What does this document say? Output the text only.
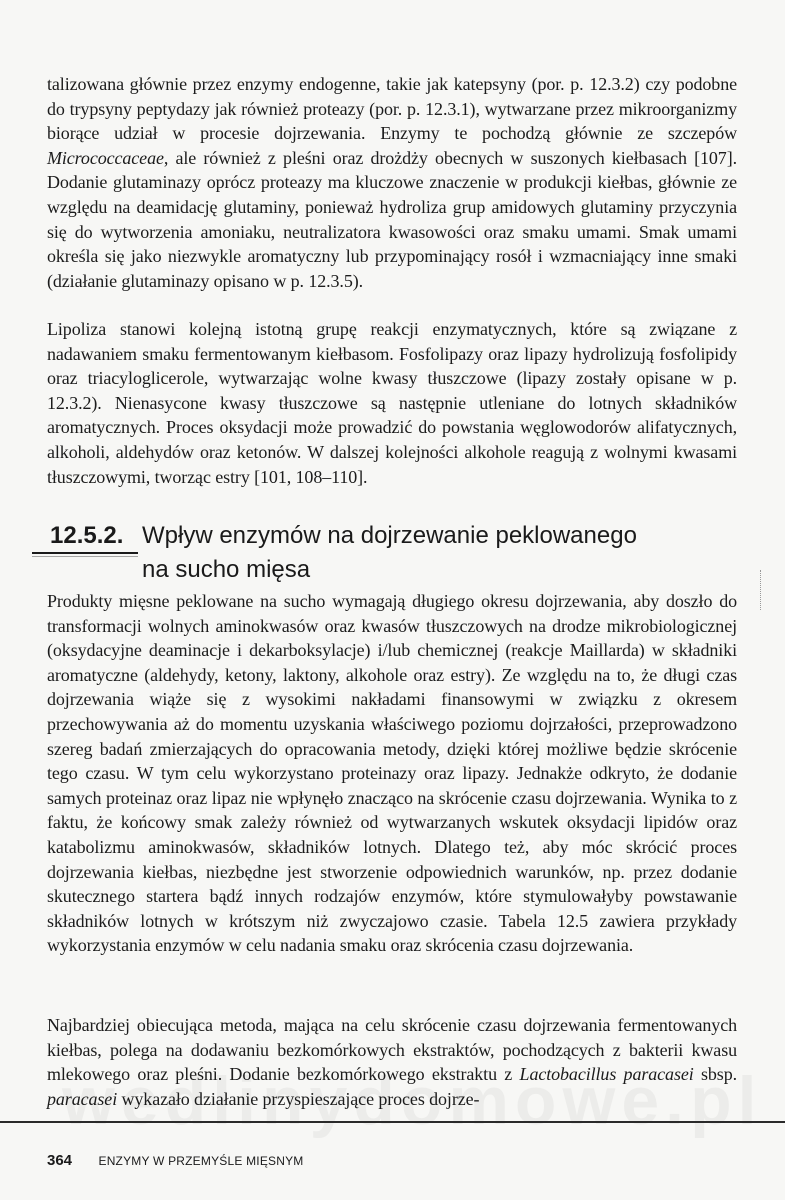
talizowana głównie przez enzymy endogenne, takie jak katepsyny (por. p. 12.3.2) czy podobne do trypsyny peptydazy jak również proteazy (por. p. 12.3.1), wytwarzane przez mikroorganizmy biorące udział w procesie dojrzewania. Enzymy te pochodzą głównie ze szczepów Micrococcaceae, ale również z pleśni oraz drożdży obecnych w suszonych kiełbasach [107]. Dodanie glutaminazy oprócz proteazy ma kluczowe znaczenie w produkcji kiełbas, głównie ze względu na deamidację glutaminy, ponieważ hydroliza grup amidowych glutaminy przyczynia się do wytworzenia amoniaku, neutralizatora kwasowości oraz smaku umami. Smak umami określa się jako niezwykle aromatyczny lub przypominający rosół i wzmacniający inne smaki (działanie glutaminazy opisano w p. 12.3.5).

Lipoliza stanowi kolejną istotną grupę reakcji enzymatycznych, które są związane z nadawaniem smaku fermentowanym kiełbasom. Fosfolipazy oraz lipazy hydrolizują fosfolipidy oraz triacyloglicerole, wytwarzając wolne kwasy tłuszczowe (lipazy zostały opisane w p. 12.3.2). Nienasycone kwasy tłuszczowe są następnie utleniane do lotnych składników aromatycznych. Proces oksydacji może prowadzić do powstania węglowodorów alifatycznych, alkoholi, aldehydów oraz ketonów. W dalszej kolejności alkohole reagują z wolnymi kwasami tłuszczowymi, tworząc estry [101, 108–110].

12.5.2. Wpływ enzymów na dojrzewanie peklowanego na sucho mięsa

Produkty mięsne peklowane na sucho wymagają długiego okresu dojrzewania, aby doszło do transformacji wolnych aminokwasów oraz kwasów tłuszczowych na drodze mikrobiologicznej (oksydacyjne deaminacje i dekarboksylacje) i/lub chemicznej (reakcje Maillarda) w składniki aromatyczne (aldehydy, ketony, laktony, alkohole oraz estry). Ze względu na to, że długi czas dojrzewania wiąże się z wysokimi nakładami finansowymi w związku z okresem przechowywania aż do momentu uzyskania właściwego poziomu dojrzałości, przeprowadzono szereg badań zmierzających do opracowania metody, dzięki której możliwe będzie skrócenie tego czasu. W tym celu wykorzystano proteinazy oraz lipazy. Jednakże odkryto, że dodanie samych proteinaz oraz lipaz nie wpłynęło znacząco na skrócenie czasu dojrzewania. Wynika to z faktu, że końcowy smak zależy również od wytwarzanych wskutek oksydacji lipidów oraz katabolizmu aminokwasów, składników lotnych. Dlatego też, aby móc skrócić proces dojrzewania kiełbas, niezbędne jest stworzenie odpowiednich warunków, np. przez dodanie skutecznego startera bądź innych rodzajów enzymów, które stymulowałyby powstawanie składników lotnych w krótszym niż zwyczajowo czasie. Tabela 12.5 zawiera przykłady wykorzystania enzymów w celu nadania smaku oraz skrócenia czasu dojrzewania.

Najbardziej obiecująca metoda, mająca na celu skrócenie czasu dojrzewania fermentowanych kiełbas, polega na dodawaniu bezkomórkowych ekstraktów, pochodzących z bakterii kwasu mlekowego oraz pleśni. Dodanie bezkomórkowego ekstraktu z Lactobacillus paracasei sbsp. paracasei wykazało działanie przyspieszające proces dojrze-

364 ENZYMY W PRZEMYŚLE MIĘSNYM
